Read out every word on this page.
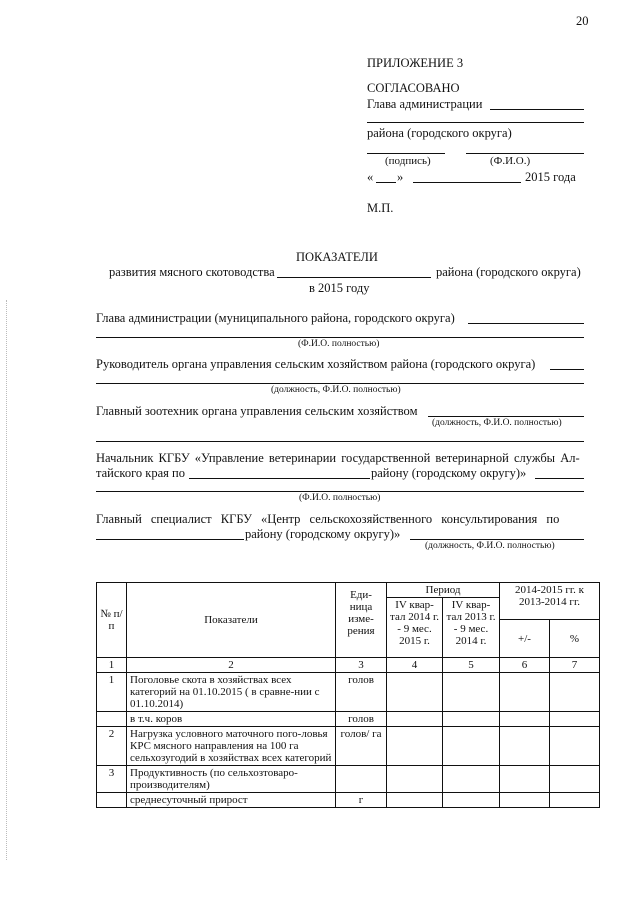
20
ПРИЛОЖЕНИЕ 3
СОГЛАСОВАНО
Глава администрации
района (городского округа)
(подпись)	(Ф.И.О.)
« »	2015 года
М.П.
ПОКАЗАТЕЛИ
развития мясного скотоводства	района (городского округа)
в 2015 году
Глава администрации (муниципального района, городского округа)
(Ф.И.О. полностью)
Руководитель органа управления сельским хозяйством района (городского округа)
(должность, Ф.И.О. полностью)
Главный зоотехник органа управления сельским хозяйством
(должность, Ф.И.О. полностью)
Начальник КГБУ «Управление ветеринарии государственной ветеринарной службы Ал-
тайского края по	району (городскому округу)»
(Ф.И.О. полностью)
Главный специалист КГБУ «Центр сельскохозяйственного консультирования по
району (городскому округу)»
(должность, Ф.И.О. полностью)
№ п/п	Показатели	Еди-ница изме-рения	Период		2014-2015 гг. к 2013-2014 гг.	
			IV квар-тал 2014 г. - 9 мес. 2015 г.	IV квар-тал 2013 г. - 9 мес. 2014 г.		
					+/-	%
1	2	3	4	5	6	7
1	Поголовье скота в хозяйствах всех категорий на 01.10.2015 ( в сравне-нии с 01.10.2014)	голов				
	в т.ч. коров	голов				
2	Нагрузка условного маточного пого-ловья КРС мясного направления на 100 га сельхозугодий в хозяйствах всех категорий	голов/ га				
3	Продуктивность (по сельхозтоваро-производителям)					
	среднесуточный прирост	г				
